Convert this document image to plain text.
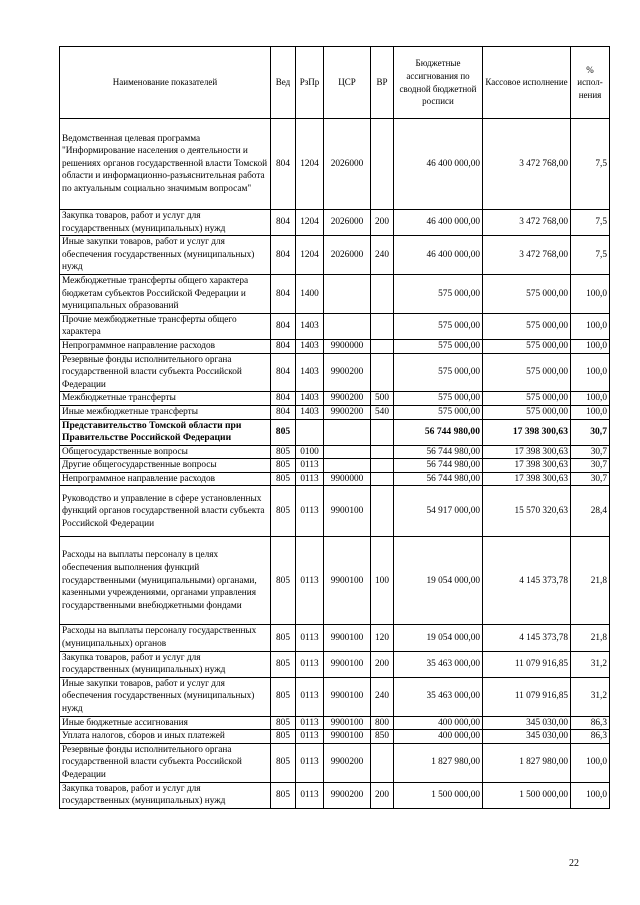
Наименование показателей	Вед	РзПр	ЦСР	ВР	Бюджетные ассигнования по сводной бюджетной росписи	Кассовое исполнение	% испол- нения
Ведомственная целевая программа "Информирование населения о деятельности и решениях органов государственной власти Томской области и информационно-разъяснительная работа по актуальным социально значимым вопросам"	804	1204	2026000		46 400 000,00	3 472 768,00	7,5
Закупка товаров, работ и услуг для государственных (муниципальных) нужд	804	1204	2026000	200	46 400 000,00	3 472 768,00	7,5
Иные закупки товаров, работ и услуг для обеспечения государственных (муниципальных) нужд	804	1204	2026000	240	46 400 000,00	3 472 768,00	7,5
Межбюджетные трансферты общего характера бюджетам субъектов Российской Федерации и муниципальных образований	804	1400			575 000,00	575 000,00	100,0
Прочие межбюджетные трансферты общего характера	804	1403			575 000,00	575 000,00	100,0
Непрограммное направление расходов	804	1403	9900000		575 000,00	575 000,00	100,0
Резервные фонды исполнительного органа государственной власти субъекта Российской Федерации	804	1403	9900200		575 000,00	575 000,00	100,0
Межбюджетные трансферты	804	1403	9900200	500	575 000,00	575 000,00	100,0
Иные межбюджетные трансферты	804	1403	9900200	540	575 000,00	575 000,00	100,0
Представительство Томской области при Правительстве Российской Федерации	805				56 744 980,00	17 398 300,63	30,7
Общегосударственные вопросы	805	0100			56 744 980,00	17 398 300,63	30,7
Другие общегосударственные вопросы	805	0113			56 744 980,00	17 398 300,63	30,7
Непрограммное направление расходов	805	0113	9900000		56 744 980,00	17 398 300,63	30,7
Руководство и управление в сфере установленных функций органов государственной власти субъекта Российской Федерации	805	0113	9900100		54 917 000,00	15 570 320,63	28,4
Расходы на выплаты персоналу в целях обеспечения выполнения функций государственными (муниципальными) органами, казенными учреждениями, органами управления государственными внебюджетными фондами	805	0113	9900100	100	19 054 000,00	4 145 373,78	21,8
Расходы на выплаты персоналу государственных (муниципальных) органов	805	0113	9900100	120	19 054 000,00	4 145 373,78	21,8
Закупка товаров, работ и услуг для государственных (муниципальных) нужд	805	0113	9900100	200	35 463 000,00	11 079 916,85	31,2
Иные закупки товаров, работ и услуг для обеспечения государственных (муниципальных) нужд	805	0113	9900100	240	35 463 000,00	11 079 916,85	31,2
Иные бюджетные ассигнования	805	0113	9900100	800	400 000,00	345 030,00	86,3
Уплата налогов, сборов и иных платежей	805	0113	9900100	850	400 000,00	345 030,00	86,3
Резервные фонды исполнительного органа государственной власти субъекта Российской Федерации	805	0113	9900200		1 827 980,00	1 827 980,00	100,0
Закупка товаров, работ и услуг для государственных (муниципальных) нужд	805	0113	9900200	200	1 500 000,00	1 500 000,00	100,0
22
